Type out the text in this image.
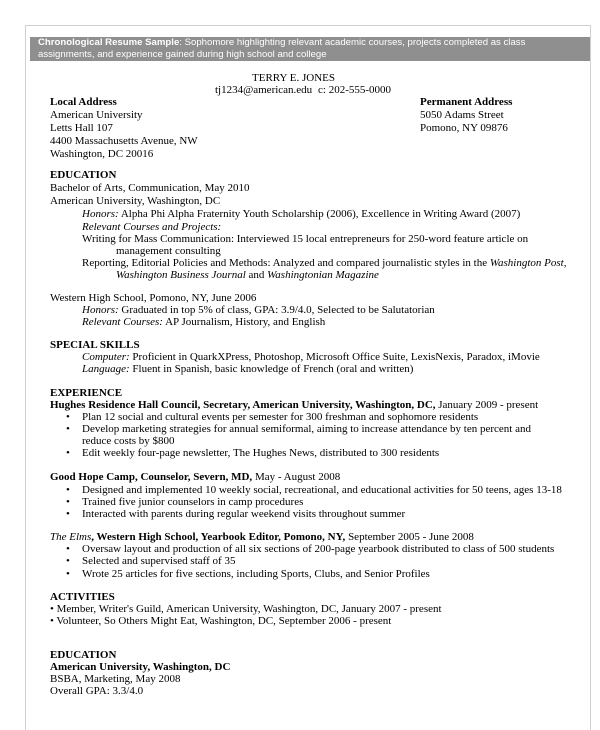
Chronological Resume Sample: Sophomore highlighting relevant academic courses, projects completed as class
assignments, and experience gained during high school and college
TERRY E. JONES
tj1234@american.edu c: 202-555-0000
Local Address
American University
Letts Hall 107
4400 Massachusetts Avenue, NW
Washington, DC 20016
Permanent Address
5050 Adams Street
Pomono, NY 09876
EDUCATION
Bachelor of Arts, Communication, May 2010
American University, Washington, DC
Honors: Alpha Phi Alpha Fraternity Youth Scholarship (2006), Excellence in Writing Award (2007)
Relevant Courses and Projects:
Writing for Mass Communication: Interviewed 15 local entrepreneurs for 250-word feature article on
management consulting
Reporting, Editorial Policies and Methods: Analyzed and compared journalistic styles in the Washington Post,
Washington Business Journal and Washingtonian Magazine
Western High School, Pomono, NY, June 2006
Honors: Graduated in top 5% of class, GPA: 3.9/4.0, Selected to be Salutatorian
Relevant Courses: AP Journalism, History, and English
SPECIAL SKILLS
Computer: Proficient in QuarkXPress, Photoshop, Microsoft Office Suite, LexisNexis, Paradox, iMovie
Language: Fluent in Spanish, basic knowledge of French (oral and written)
EXPERIENCE
Hughes Residence Hall Council, Secretary, American University, Washington, DC, January 2009 - present
• Plan 12 social and cultural events per semester for 300 freshman and sophomore residents
• Develop marketing strategies for annual semiformal, aiming to increase attendance by ten percent and
reduce costs by $800
• Edit weekly four-page newsletter, The Hughes News, distributed to 300 residents
Good Hope Camp, Counselor, Severn, MD, May - August 2008
• Designed and implemented 10 weekly social, recreational, and educational activities for 50 teens, ages 13-18
• Trained five junior counselors in camp procedures
• Interacted with parents during regular weekend visits throughout summer
The Elms, Western High School, Yearbook Editor, Pomono, NY, September 2005 - June 2008
• Oversaw layout and production of all six sections of 200-page yearbook distributed to class of 500 students
• Selected and supervised staff of 35
• Wrote 25 articles for five sections, including Sports, Clubs, and Senior Profiles
ACTIVITIES
• Member, Writer's Guild, American University, Washington, DC, January 2007 - present
• Volunteer, So Others Might Eat, Washington, DC, September 2006 - present
EDUCATION
American University, Washington, DC
BSBA, Marketing, May 2008
Overall GPA: 3.3/4.0
